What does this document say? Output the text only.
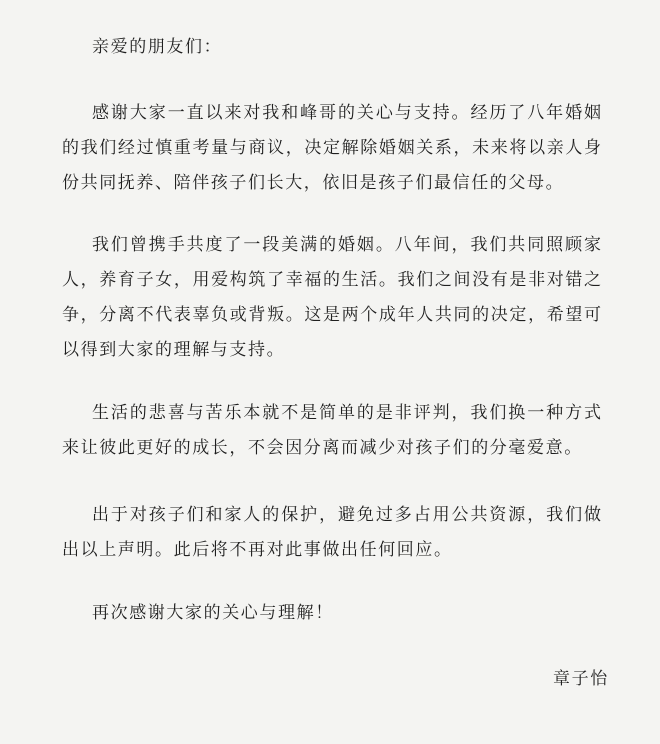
亲爱的朋友们：
感谢大家一直以来对我和峰哥的关心与支持。经历了八年婚姻
的我们经过慎重考量与商议，决定解除婚姻关系，未来将以亲人身
份共同抚养、陪伴孩子们长大，依旧是孩子们最信任的父母。
我们曾携手共度了一段美满的婚姻。八年间，我们共同照顾家
人，养育子女，用爱构筑了幸福的生活。我们之间没有是非对错之
争，分离不代表辜负或背叛。这是两个成年人共同的决定，希望可
以得到大家的理解与支持。
生活的悲喜与苦乐本就不是简单的是非评判，我们换一种方式
来让彼此更好的成长，不会因分离而减少对孩子们的分毫爱意。
出于对孩子们和家人的保护，避免过多占用公共资源，我们做
出以上声明。此后将不再对此事做出任何回应。
再次感谢大家的关心与理解！
章子怡
